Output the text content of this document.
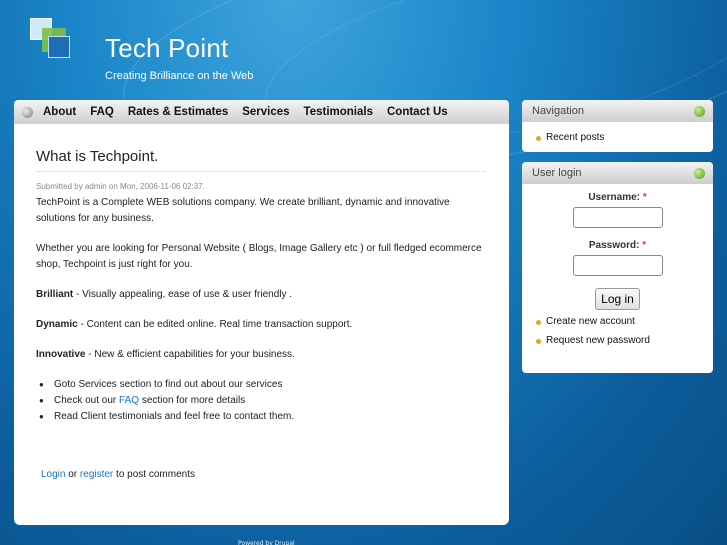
Tech Point
Creating Brilliance on the Web
About FAQ Rates & Estimates Services Testimonials Contact Us
What is Techpoint.
Submitted by admin on Mon, 2006-11-06 02:37.

TechPoint is a Complete WEB solutions company. We create brilliant, dynamic and innovative solutions for any business.

Whether you are looking for Personal Website ( Blogs, Image Gallery etc ) or full fledged ecommerce shop, Techpoint is just right for you.

Brilliant - Visually appealing, ease of use & user friendly .

Dynamic - Content can be edited online. Real time transaction support.

Innovative - New & efficient capabilities for your business.

● Goto Services section to find out about our services
● Check out our FAQ section for more details
● Read Client testimonials and feel free to contact them.
Login or register to post comments
Navigation
Recent posts
User login
Username: *
Password: *

Log in
Create new account
Request new password
Powered by Drupal
